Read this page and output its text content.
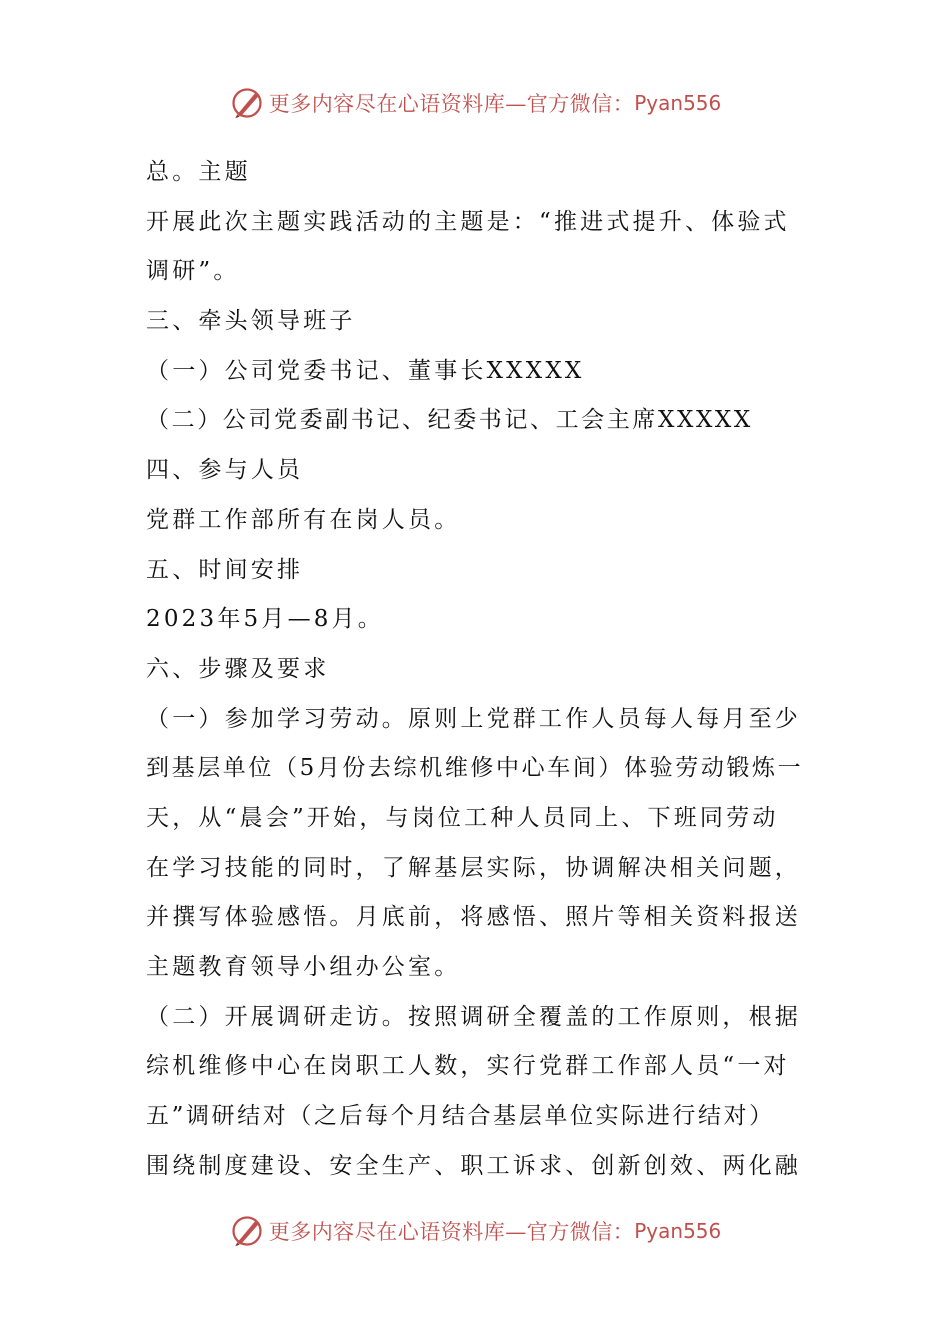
更多内容尽在心语资料库—官方微信： Pyan556
总。主题
开展此次主题实践活动的主题是：“推进式提升、体验式
调研”。
三、牵头领导班子
（一）公司党委书记、董事长XXXXX
（二）公司党委副书记、纪委书记、工会主席XXXXX
四、参与人员
党群工作部所有在岗人员。
五、时间安排
2023年5月—8月。
六、步骤及要求
（一）参加学习劳动。原则上党群工作人员每人每月至少
到基层单位（5月份去综机维修中心车间）体验劳动锻炼一
天，从“晨会”开始，与岗位工种人员同上、下班同劳动
在学习技能的同时，了解基层实际，协调解决相关问题，
并撰写体验感悟。月底前，将感悟、照片等相关资料报送
主题教育领导小组办公室。
（二）开展调研走访。按照调研全覆盖的工作原则，根据
综机维修中心在岗职工人数，实行党群工作部人员“一对
五”调研结对（之后每个月结合基层单位实际进行结对）
围绕制度建设、安全生产、职工诉求、创新创效、两化融
更多内容尽在心语资料库—官方微信： Pyan556
